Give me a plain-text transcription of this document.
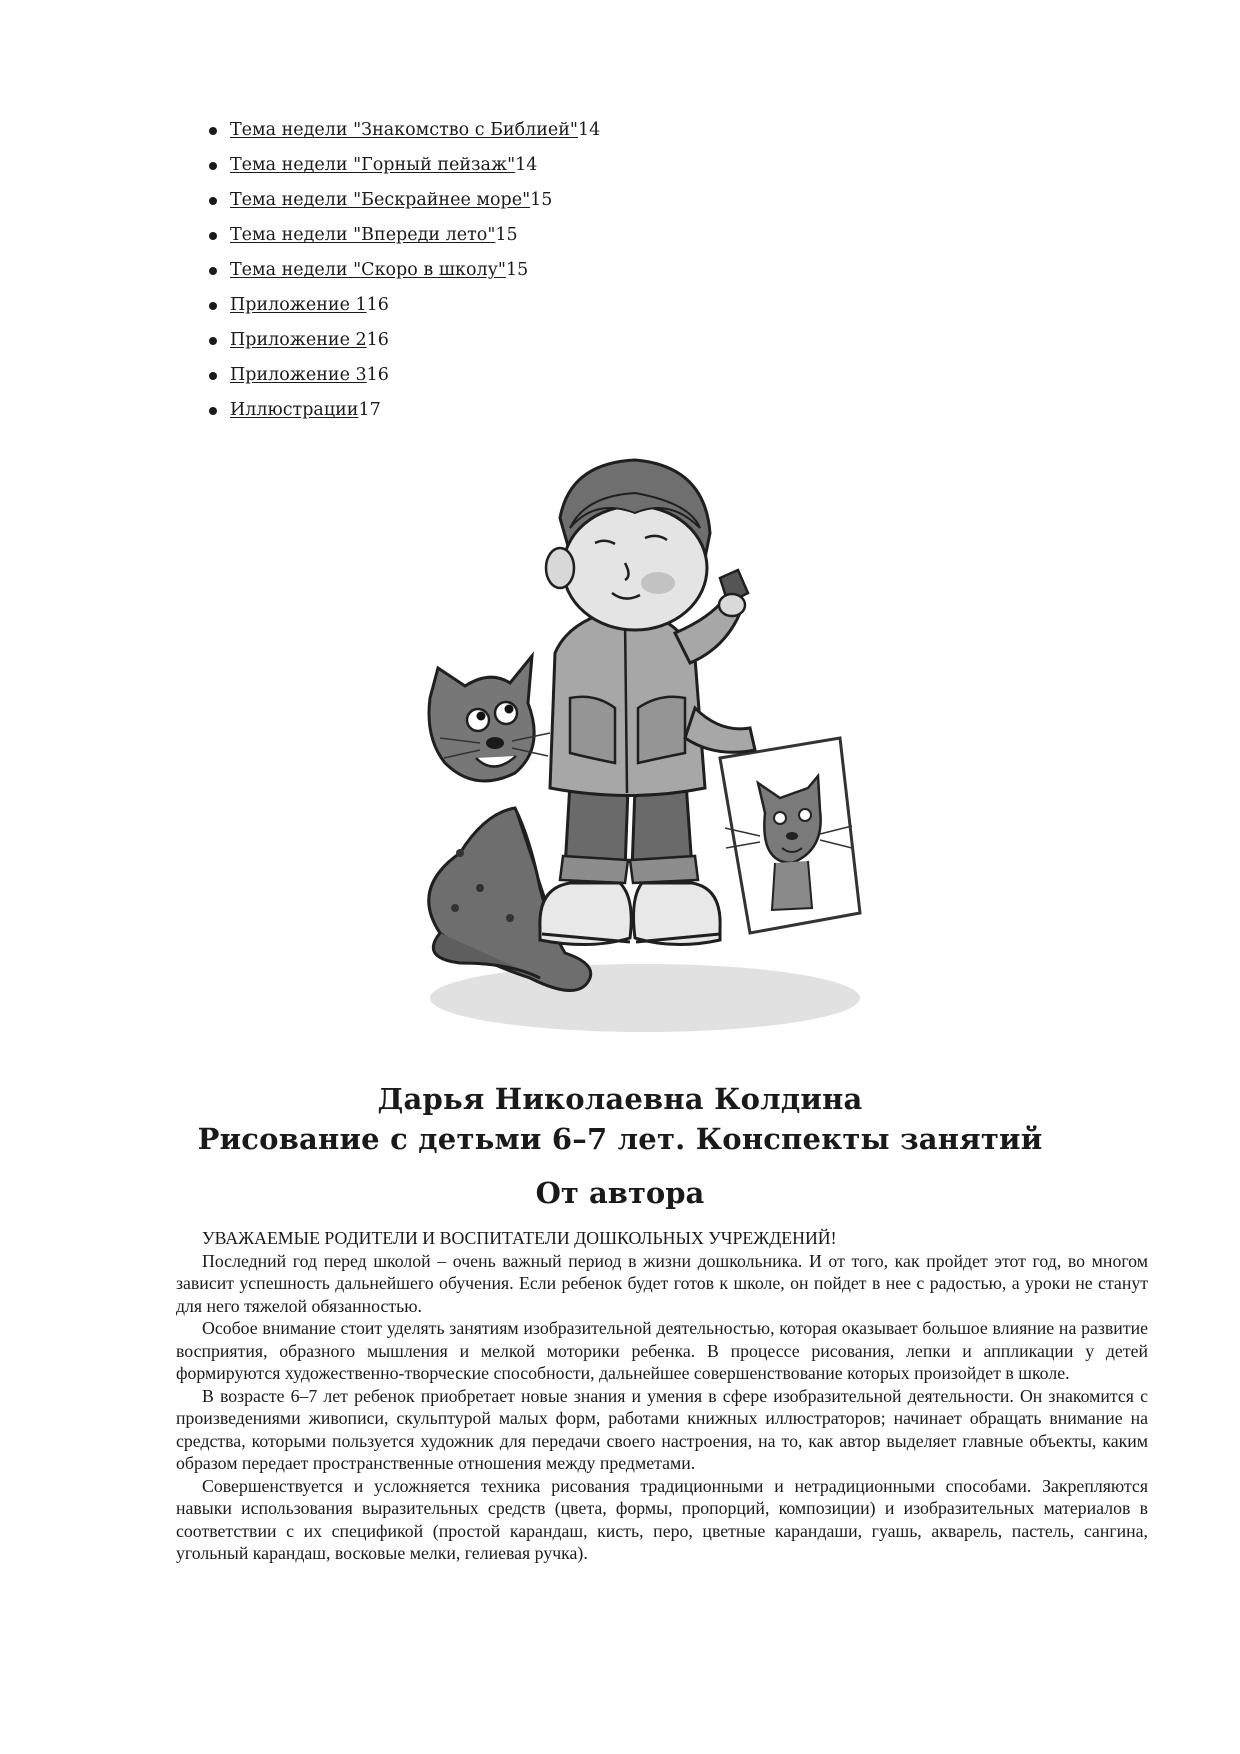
Тема недели "Знакомство с Библией"14
Тема недели "Горный пейзаж"14
Тема недели "Бескрайнее море"15
Тема недели "Впереди лето"15
Тема недели "Скоро в школу"15
Приложение 116
Приложение 216
Приложение 316
Иллюстрации17
Дарья Николаевна Колдина
Рисование с детьми 6–7 лет. Конспекты занятий
От автора

УВАЖАЕМЫЕ РОДИТЕЛИ И ВОСПИТАТЕЛИ ДОШКОЛЬНЫХ УЧРЕЖДЕНИЙ!

Последний год перед школой – очень важный период в жизни дошкольника. И от того, как пройдет этот год, во многом зависит успешность дальнейшего обучения. Если ребенок будет готов к школе, он пойдет в нее с радостью, а уроки не станут для него тяжелой обязанностью.

Особое внимание стоит уделять занятиям изобразительной деятельностью, которая оказывает большое влияние на развитие восприятия, образного мышления и мелкой моторики ребенка. В процессе рисования, лепки и аппликации у детей формируются художественно-творческие способности, дальнейшее совершенствование которых произойдет в школе.

В возрасте 6–7 лет ребенок приобретает новые знания и умения в сфере изобразительной деятельности. Он знакомится с произведениями живописи, скульптурой малых форм, работами книжных иллюстраторов; начинает обращать внимание на средства, которыми пользуется художник для передачи своего настроения, на то, как автор выделяет главные объекты, каким образом передает пространственные отношения между предметами.

Совершенствуется и усложняется техника рисования традиционными и нетрадиционными способами. Закрепляются навыки использования выразительных средств (цвета, формы, пропорций, композиции) и изобразительных материалов в соответствии с их спецификой (простой карандаш, кисть, перо, цветные карандаши, гуашь, акварель, пастель, сангина, угольный карандаш, восковые мелки, гелиевая ручка).
